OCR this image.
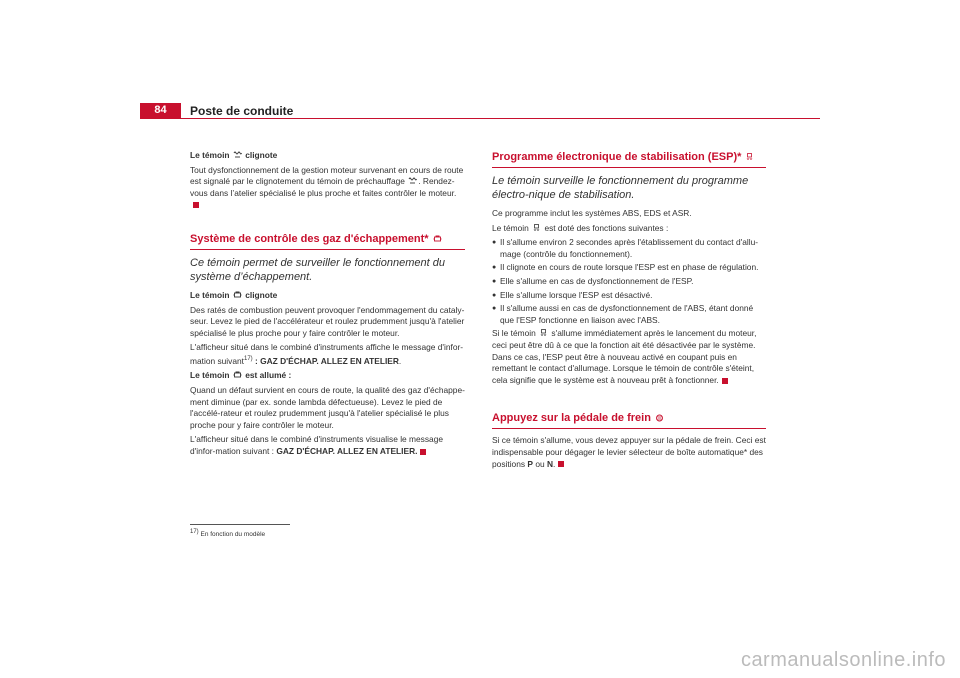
84	Poste de conduite

Le témoin clignote

Tout dysfonctionnement de la gestion moteur survenant en cours de route est signalé par le clignotement du témoin de préchauffage . Rendez-vous dans l’atelier spécialisé le plus proche et faites contrôler le moteur.

Système de contrôle des gaz d'échappement*
Ce témoin permet de surveiller le fonctionnement du système d’échappement.

Le témoin clignote

Des ratés de combustion peuvent provoquer l'endommagement du cataly-seur. Levez le pied de l'accélérateur et roulez prudemment jusqu'à l'atelier spécialisé le plus proche pour y faire contrôler le moteur.

L'afficheur situé dans le combiné d'instruments affiche le message d'infor-mation suivant$^{17)}$ : GAZ D'ÉCHAP. ALLEZ EN ATELIER.

Le témoin est allumé :

Quand un défaut survient en cours de route, la qualité des gaz d'échappe-ment diminue (par ex. sonde lambda défectueuse). Levez le pied de l'accélé-rateur et roulez prudemment jusqu'à l'atelier spécialisé le plus proche pour y faire contrôler le moteur.

L'afficheur situé dans le combiné d'instruments visualise le message d'infor-mation suivant : GAZ D'ÉCHAP. ALLEZ EN ATELIER.

Programme électronique de stabilisation (ESP)*
Le témoin surveille le fonctionnement du programme électro-nique de stabilisation.

Ce programme inclut les systèmes ABS, EDS et ASR.

Le témoin est doté des fonctions suivantes :

● Il s'allume environ 2 secondes après l'établissement du contact d'allu-mage (contrôle du fonctionnement).
● Il clignote en cours de route lorsque l'ESP est en phase de régulation.
● Elle s'allume en cas de dysfonctionnement de l'ESP.
● Elle s'allume lorsque l'ESP est désactivé.
● Il s'allume aussi en cas de dysfonctionnement de l'ABS, étant donné que l'ESP fonctionne en liaison avec l'ABS.

Si le témoin s'allume immédiatement après le lancement du moteur, ceci peut être dû à ce que la fonction ait été désactivée par le système. Dans ce cas, l'ESP peut être à nouveau activé en coupant puis en remettant le contact d'allumage. Lorsque le témoin de contrôle s'éteint, cela signifie que le système est à nouveau prêt à fonctionner.

Appuyez sur la pédale de frein

Si ce témoin s'allume, vous devez appuyer sur la pédale de frein. Ceci est indispensable pour dégager le levier sélecteur de boîte automatique* des positions P ou N.

17) En fonction du modèle
carmanualsonline.info
